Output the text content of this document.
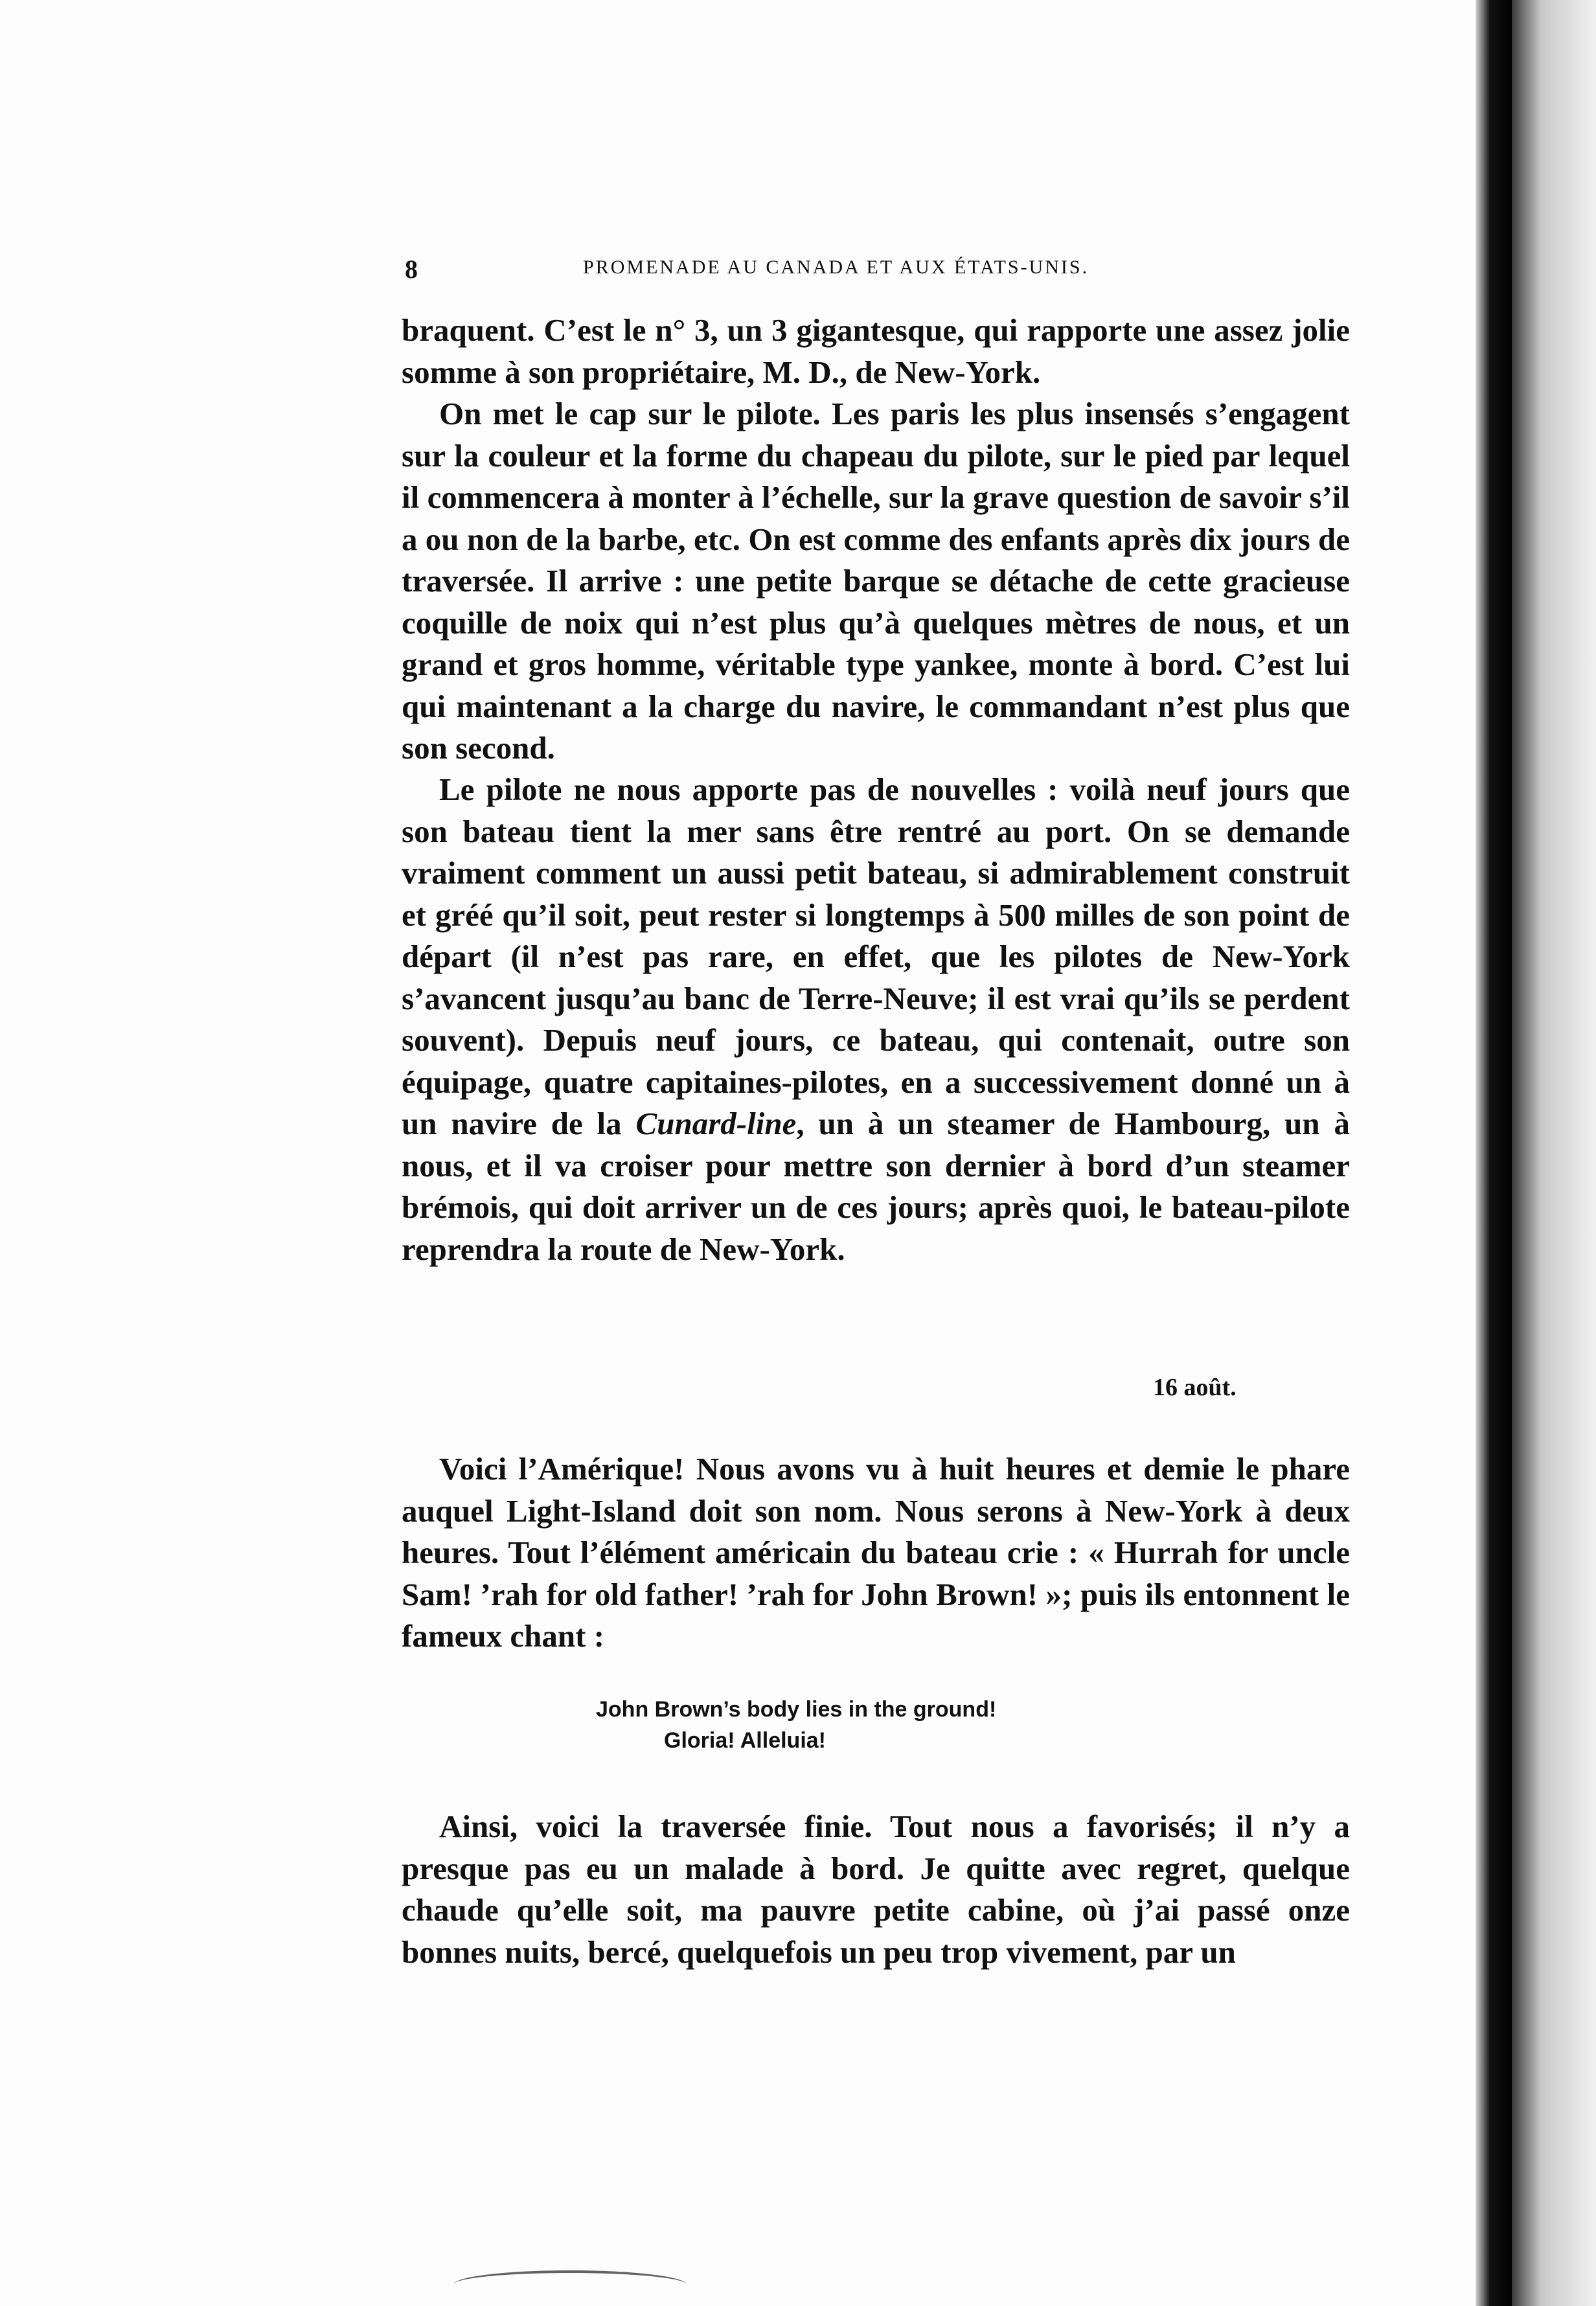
8	PROMENADE AU CANADA ET AUX ÉTATS-UNIS.

braquent. C’est le n° 3, un 3 gigantesque, qui rapporte une assez jolie somme à son propriétaire, M. D., de New-York.

On met le cap sur le pilote. Les paris les plus insensés s’engagent sur la couleur et la forme du chapeau du pilote, sur le pied par lequel il commencera à monter à l’échelle, sur la grave question de savoir s’il a ou non de la barbe, etc. On est comme des enfants après dix jours de traversée. Il arrive : une petite barque se détache de cette gracieuse coquille de noix qui n’est plus qu’à quelques mètres de nous, et un grand et gros homme, véritable type yankee, monte à bord. C’est lui qui maintenant a la charge du navire, le commandant n’est plus que son second.

Le pilote ne nous apporte pas de nouvelles : voilà neuf jours que son bateau tient la mer sans être rentré au port. On se demande vraiment comment un aussi petit bateau, si admirablement construit et gréé qu’il soit, peut rester si longtemps à 500 milles de son point de départ (il n’est pas rare, en effet, que les pilotes de New-York s’avancent jusqu’au banc de Terre-Neuve; il est vrai qu’ils se perdent souvent). Depuis neuf jours, ce bateau, qui contenait, outre son équipage, quatre capitaines-pilotes, en a successivement donné un à un navire de la Cunard-line, un à un steamer de Hambourg, un à nous, et il va croiser pour mettre son dernier à bord d’un steamer brémois, qui doit arriver un de ces jours; après quoi, le bateau-pilote reprendra la route de New-York.

16 août.

Voici l’Amérique! Nous avons vu à huit heures et demie le phare auquel Light-Island doit son nom. Nous serons à New-York à deux heures. Tout l’élément américain du bateau crie : « Hurrah for uncle Sam! ’rah for old father! ’rah for John Brown! »; puis ils entonnent le fameux chant :

John Brown’s body lies in the ground!
Gloria! Alleluia!

Ainsi, voici la traversée finie. Tout nous a favorisés; il n’y a presque pas eu un malade à bord. Je quitte avec regret, quelque chaude qu’elle soit, ma pauvre petite cabine, où j’ai passé onze bonnes nuits, bercé, quelquefois un peu trop vivement, par un
